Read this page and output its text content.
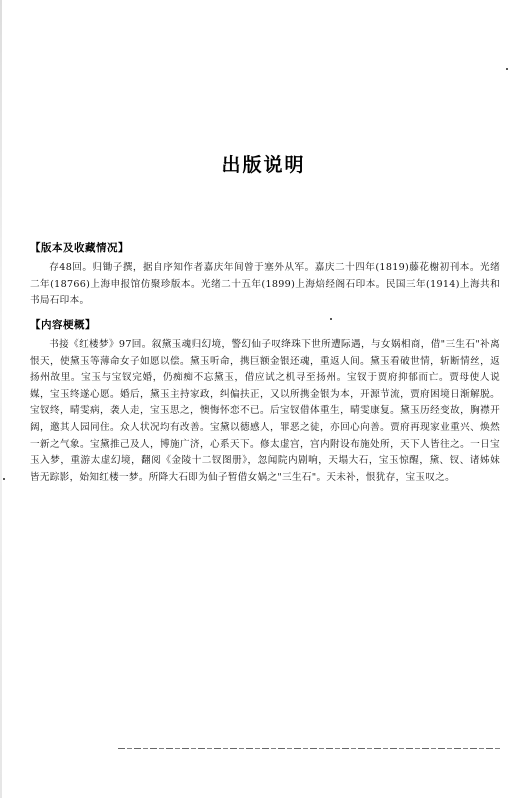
出版说明
【版本及收藏情况】
存48回。归锄子撰，据自序知作者嘉庆年间曾于塞外从军。嘉庆二十四年(1819)藤花榭初刊本。光绪二年(18766)上海申报馆仿聚珍版本。光绪二十五年(1899)上海焙经阁石印本。民国三年(1914)上海共和书局石印本。
【内容梗概】
书接《红楼梦》97回。叙黛玉魂归幻境，警幻仙子叹绛珠下世所遭际遇，与女娲相商，借"三生石"补离恨天，使黛玉等薄命女子如愿以偿。黛玉听命，携巨额金银还魂，重返人间。黛玉看破世情，斩断情丝，返扬州故里。宝玉与宝钗完婚，仍痴痴不忘黛玉，借应试之机寻至扬州。宝钗于贾府抑郁而亡。贾母使人说媒，宝玉终遂心愿。婚后，黛玉主持家政，纠偏扶正，又以所携金银为本，开源节流，贾府困境日渐解脱。宝钗终，晴雯病，袭人走，宝玉思之，懊悔怀恋不已。后宝钗借体重生，晴雯康复。黛玉历经变故，胸襟开阔，邀其人园同住。众人状况均有改善。宝黛以德感人，罪恶之徒，亦回心向善。贾府再现家业重兴、焕然一新之气象。宝黛推己及人，博施广济，心系天下。修太虚宫，宫内附设布施处所，天下人皆往之。一日宝玉入梦，重游太虚幻境，翻阅《金陵十二钗图册》，忽闻院内剧响，天塌大石，宝玉惊醒，黛、钗、诸姊妹皆无踪影，始知红楼一梦。所降大石即为仙子暂借女娲之"三生石"。天未补，恨犹存，宝玉叹之。
